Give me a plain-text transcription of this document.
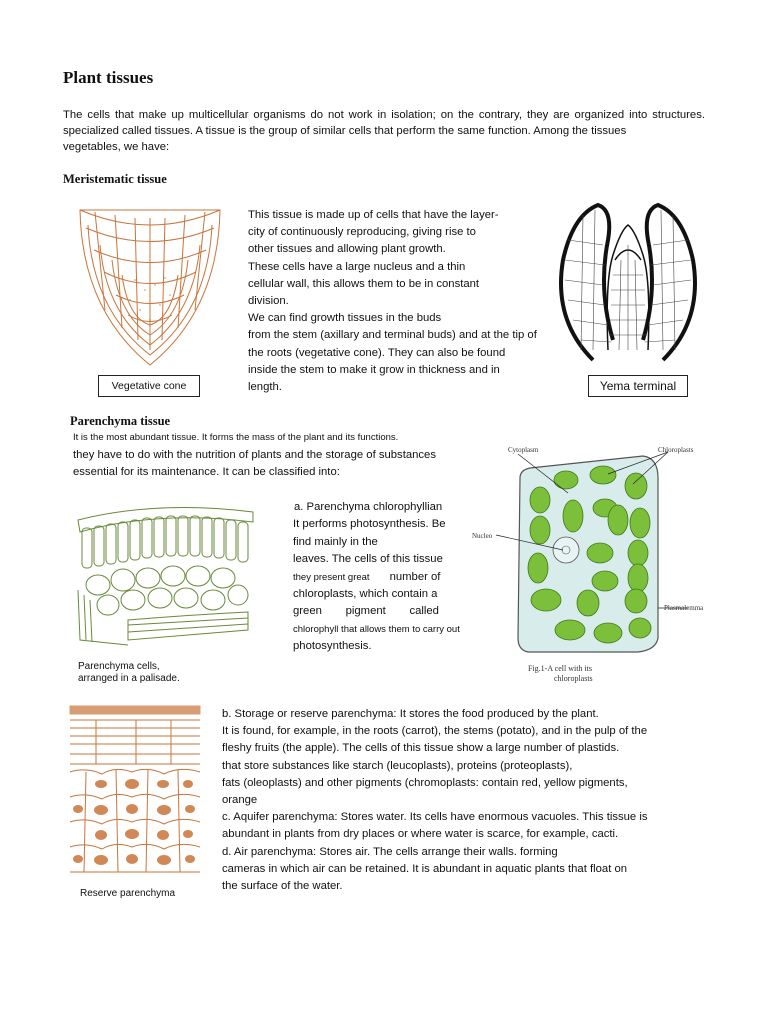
Plant tissues
The cells that make up multicellular organisms do not work in isolation; on the contrary, they are organized into structures.
specialized called tissues. A tissue is the group of similar cells that perform the same function. Among the tissues
vegetables, we have:
Meristematic tissue
Vegetative cone
This tissue is made up of cells that have the layer-
city of continuously reproducing, giving rise to
other tissues and allowing plant growth.
These cells have a large nucleus and a thin
cellular wall, this allows them to be in constant
division.
We can find growth tissues in the buds
from the stem (axillary and terminal buds) and at the tip of
the roots (vegetative cone). They can also be found
inside the stem to make it grow in thickness and in
length.	Yema terminal
Parenchyma tissue
It is the most abundant tissue. It forms the mass of the plant and its functions.
they have to do with the nutrition of plants and the storage of substances
essential for its maintenance. It can be classified into:
Parenchyma cells,
arranged in a palisade.
a. Parenchyma chlorophyllian
It performs photosynthesis. Be
find mainly in the
leaves. The cells of this tissue
they present great number of
chloroplasts, which contain a
green pigment called
chlorophyll that allows them to carry out
photosynthesis.
Cytoplasm	Chloroplasts
Nucleo
Plasmalemma
Fig.1-A cell with its
chloroplasts
Reserve parenchyma
b. Storage or reserve parenchyma: It stores the food produced by the plant.
It is found, for example, in the roots (carrot), the stems (potato), and in the pulp of the
fleshy fruits (the apple). The cells of this tissue show a large number of plastids.
that store substances like starch (leucoplasts), proteins (proteoplasts),
fats (oleoplasts) and other pigments (chromoplasts: contain red, yellow pigments,
orange
c. Aquifer parenchyma: Stores water. Its cells have enormous vacuoles. This tissue is
abundant in plants from dry places or where water is scarce, for example, cacti.
d. Air parenchyma: Stores air. The cells arrange their walls. forming
cameras in which air can be retained. It is abundant in aquatic plants that float on
the surface of the water.
